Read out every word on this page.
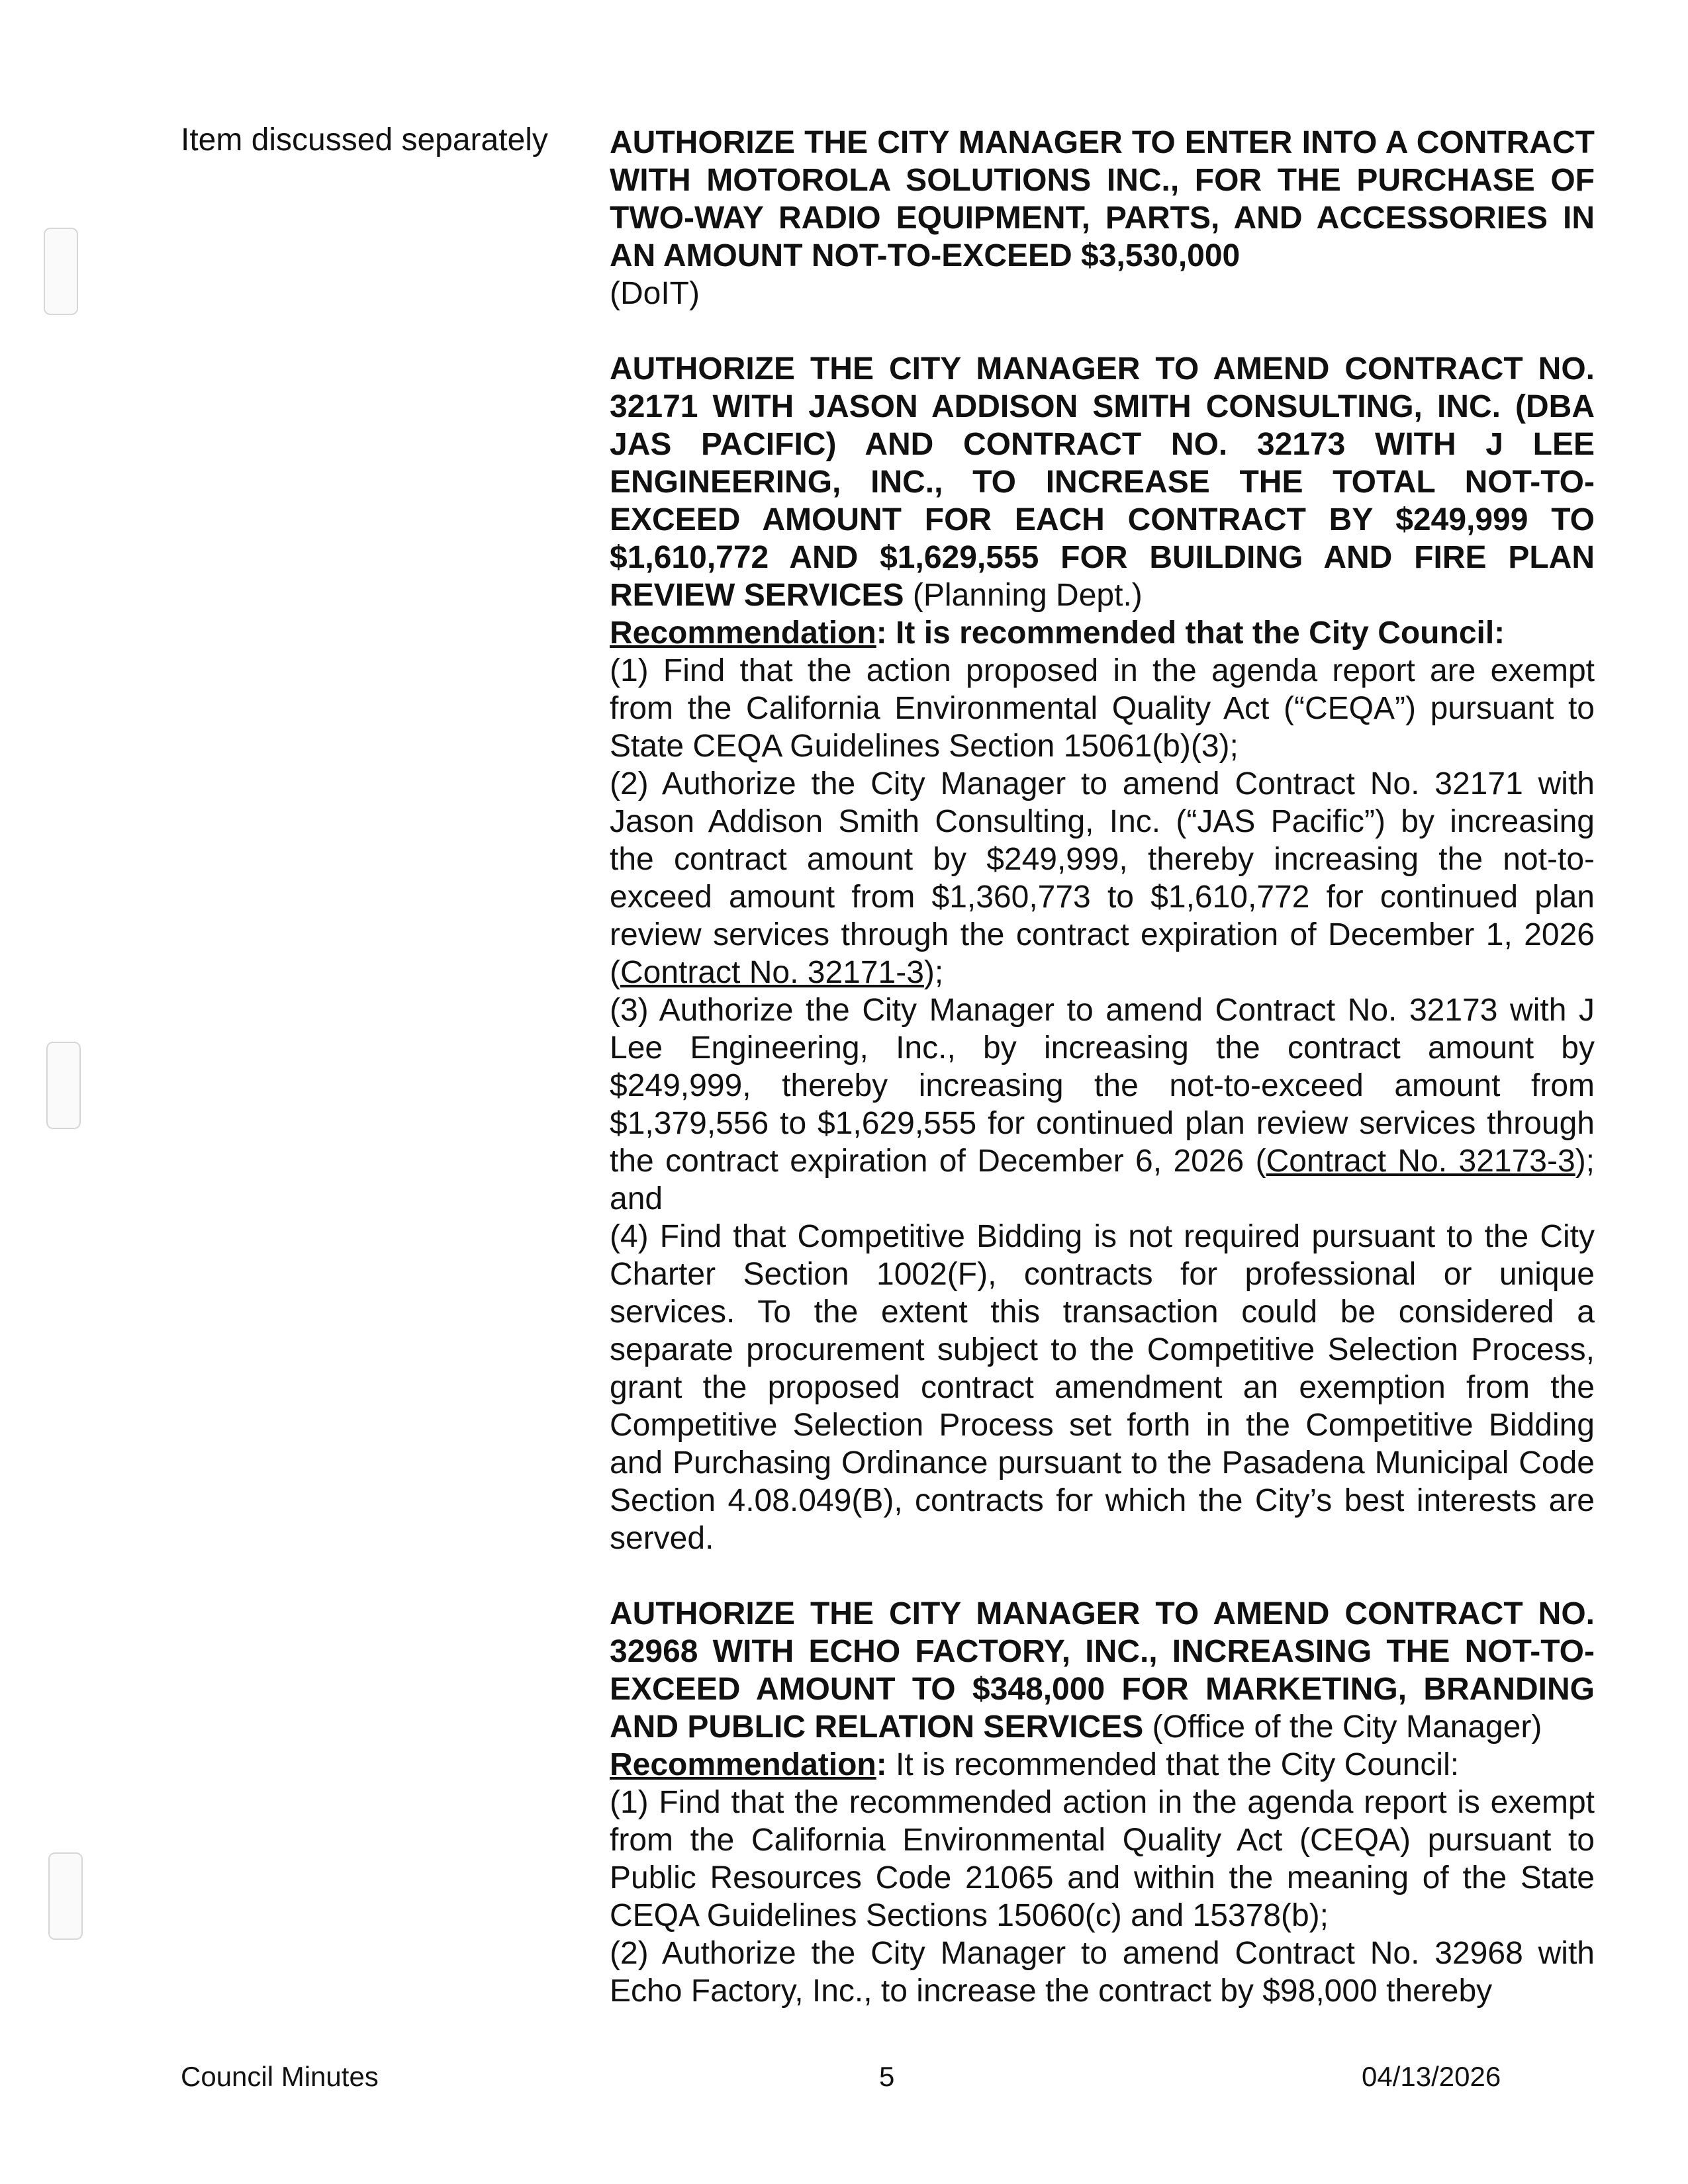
Item discussed separately AUTHORIZE THE CITY MANAGER TO ENTER INTO A CONTRACT WITH MOTOROLA SOLUTIONS INC., FOR THE PURCHASE OF TWO-WAY RADIO EQUIPMENT, PARTS, AND ACCESSORIES IN AN AMOUNT NOT-TO-EXCEED $3,530,000
(DoIT)

AUTHORIZE THE CITY MANAGER TO AMEND CONTRACT NO. 32171 WITH JASON ADDISON SMITH CONSULTING, INC. (DBA JAS PACIFIC) AND CONTRACT NO. 32173 WITH J LEE ENGINEERING, INC., TO INCREASE THE TOTAL NOT-TO-EXCEED AMOUNT FOR EACH CONTRACT BY $249,999 TO $1,610,772 AND $1,629,555 FOR BUILDING AND FIRE PLAN REVIEW SERVICES (Planning Dept.)

Recommendation: It is recommended that the City Council:

(1) Find that the action proposed in the agenda report are exempt from the California Environmental Quality Act (“CEQA”) pursuant to State CEQA Guidelines Section 15061(b)(3);

(2) Authorize the City Manager to amend Contract No. 32171 with Jason Addison Smith Consulting, Inc. (“JAS Pacific”) by increasing the contract amount by $249,999, thereby increasing the not-to-exceed amount from $1,360,773 to $1,610,772 for continued plan review services through the contract expiration of December 1, 2026 (Contract No. 32171-3);

(3) Authorize the City Manager to amend Contract No. 32173 with J Lee Engineering, Inc., by increasing the contract amount by $249,999, thereby increasing the not-to-exceed amount from $1,379,556 to $1,629,555 for continued plan review services through the contract expiration of December 6, 2026 (Contract No. 32173-3); and

(4) Find that Competitive Bidding is not required pursuant to the City Charter Section 1002(F), contracts for professional or unique services. To the extent this transaction could be considered a separate procurement subject to the Competitive Selection Process, grant the proposed contract amendment an exemption from the Competitive Selection Process set forth in the Competitive Bidding and Purchasing Ordinance pursuant to the Pasadena Municipal Code Section 4.08.049(B), contracts for which the City’s best interests are served.

AUTHORIZE THE CITY MANAGER TO AMEND CONTRACT NO. 32968 WITH ECHO FACTORY, INC., INCREASING THE NOT-TO-EXCEED AMOUNT TO $348,000 FOR MARKETING, BRANDING AND PUBLIC RELATION SERVICES (Office of the City Manager)

Recommendation: It is recommended that the City Council:

(1) Find that the recommended action in the agenda report is exempt from the California Environmental Quality Act (CEQA) pursuant to Public Resources Code 21065 and within the meaning of the State CEQA Guidelines Sections 15060(c) and 15378(b);

(2) Authorize the City Manager to amend Contract No. 32968 with Echo Factory, Inc., to increase the contract by $98,000 thereby

Council Minutes	5	04/13/2026
